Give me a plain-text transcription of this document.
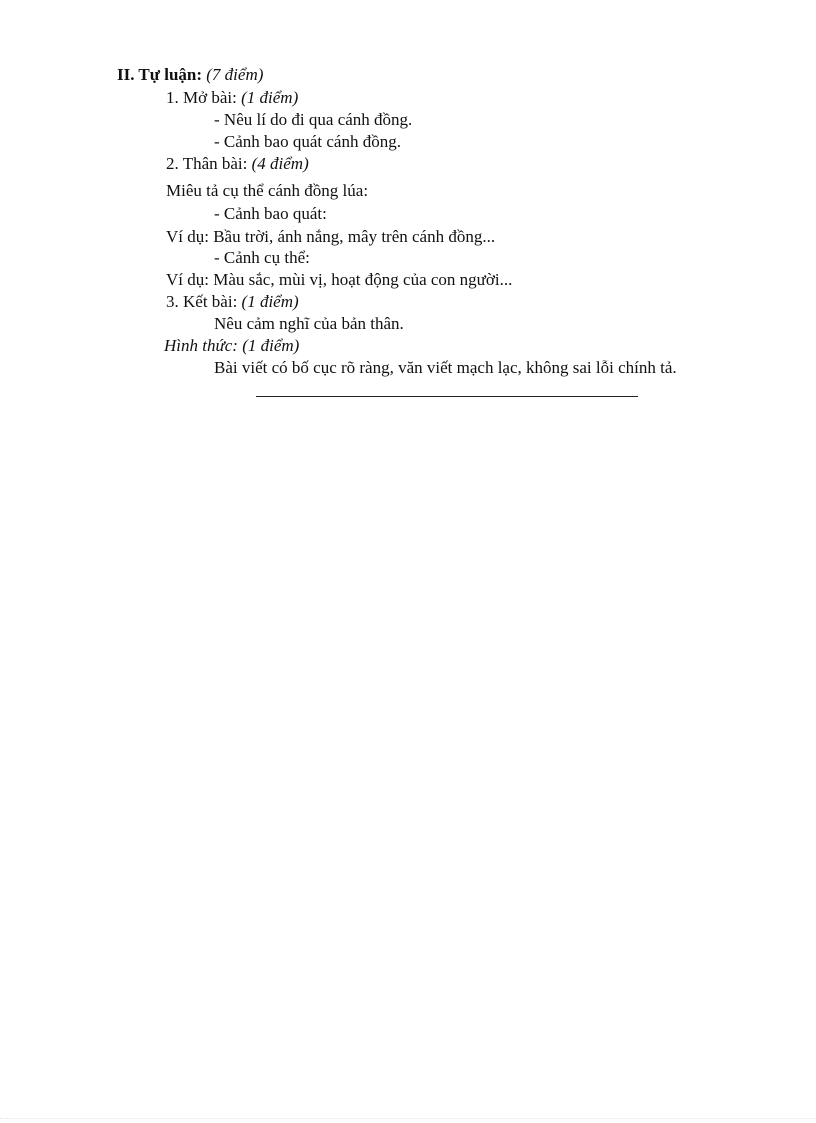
II. Tự luận: (7 điểm)
1. Mở bài: (1 điểm)
- Nêu lí do đi qua cánh đồng.
- Cảnh bao quát cánh đồng.
2. Thân bài: (4 điểm)
Miêu tả cụ thể cánh đồng lúa:
- Cảnh bao quát:
Ví dụ: Bầu trời, ánh nắng, mây trên cánh đồng...
- Cảnh cụ thể:
Ví dụ: Màu sắc, mùi vị, hoạt động của con người...
3. Kết bài: (1 điểm)
Nêu cảm nghĩ của bản thân.
Hình thức: (1 điểm)
Bài viết có bố cục rõ ràng, văn viết mạch lạc, không sai lỗi chính tả.
